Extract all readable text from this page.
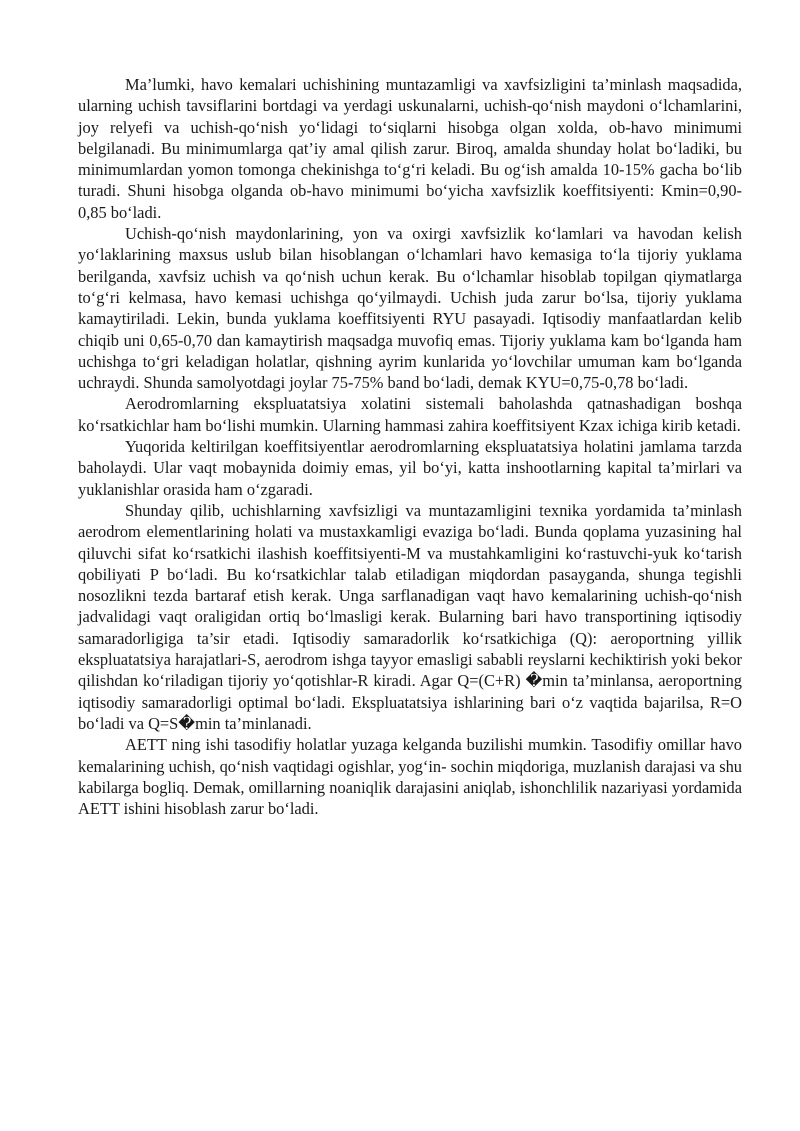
Ma’lumki, havo kemalari uchishining muntazamligi va xavfsizligini ta’minlash maqsadida, ularning uchish tavsiflarini bortdagi va yerdagi uskunalarni, uchish-qo‘nish maydoni o‘lchamlarini, joy relyefi va uchish-qo‘nish yo‘lidagi to‘siqlarni hisobga olgan xolda, ob-havo minimumi belgilanadi. Bu minimumlarga qat’iy amal qilish zarur. Biroq, amalda shunday holat bo‘ladiki, bu minimumlardan yomon tomonga chekinishga to‘g‘ri keladi. Bu og‘ish amalda 10-15% gacha bo‘lib turadi. Shuni hisobga olganda ob-havo minimumi bo‘yicha xavfsizlik koeffitsiyenti: Kmin=0,90-0,85 bo‘ladi.

Uchish-qo‘nish maydonlarining, yon va oxirgi xavfsizlik ko‘lamlari va havodan kelish yo‘laklarining maxsus uslub bilan hisoblangan o‘lchamlari havo kemasiga to‘la tijoriy yuklama berilganda, xavfsiz uchish va qo‘nish uchun kerak. Bu o‘lchamlar hisoblab topilgan qiymatlarga to‘g‘ri kelmasa, havo kemasi uchishga qo‘yilmaydi. Uchish juda zarur bo‘lsa, tijoriy yuklama kamaytiriladi. Lekin, bunda yuklama koeffitsiyenti RYU pasayadi. Iqtisodiy manfaatlardan kelib chiqib uni 0,65-0,70 dan kamaytirish maqsadga muvofiq emas. Tijoriy yuklama kam bo‘lganda ham uchishga to‘gri keladigan holatlar, qishning ayrim kunlarida yo‘lovchilar umuman kam bo‘lganda uchraydi. Shunda samolyotdagi joylar 75-75% band bo‘ladi, demak KYU=0,75-0,78 bo‘ladi.

Aerodromlarning ekspluatatsiya xolatini sistemali baholashda qatnashadigan boshqa ko‘rsatkichlar ham bo‘lishi mumkin. Ularning hammasi zahira koeffitsiyent Kzax ichiga kirib ketadi.

Yuqorida keltirilgan koeffitsiyentlar aerodromlarning ekspluatatsiya holatini jamlama tarzda baholaydi. Ular vaqt mobaynida doimiy emas, yil bo‘yi, katta inshootlarning kapital ta’mirlari va yuklanishlar orasida ham o‘zgaradi.

Shunday qilib, uchishlarning xavfsizligi va muntazamligini texnika yordamida ta’minlash aerodrom elementlarining holati va mustaxkamligi evaziga bo‘ladi. Bunda qoplama yuzasining hal qiluvchi sifat ko‘rsatkichi ilashish koeffitsiyenti-M va mustahkamligini ko‘rastuvchi-yuk ko‘tarish qobiliyati P bo‘ladi. Bu ko‘rsatkichlar talab etiladigan miqdordan pasayganda, shunga tegishli nosozlikni tezda bartaraf etish kerak. Unga sarflanadigan vaqt havo kemalarining uchish-qo‘nish jadvalidagi vaqt oraligidan ortiq bo‘lmasligi kerak. Bularning bari havo transportining iqtisodiy samaradorligiga ta’sir etadi. Iqtisodiy samaradorlik ko‘rsatkichiga (Q): aeroportning yillik ekspluatatsiya harajatlari-S, aerodrom ishga tayyor emasligi sababli reyslarni kechiktirish yoki bekor qilishdan ko‘riladigan tijoriy yo‘qotishlar-R kiradi. Agar Q=(C+R) �min ta’minlansa, aeroportning iqtisodiy samaradorligi optimal bo‘ladi. Ekspluatatsiya ishlarining bari o‘z vaqtida bajarilsa, R=O bo‘ladi va Q=S�min ta’minlanadi.

AETT ning ishi tasodifiy holatlar yuzaga kelganda buzilishi mumkin. Tasodifiy omillar havo kemalarining uchish, qo‘nish vaqtidagi ogishlar, yog‘in- sochin miqdoriga, muzlanish darajasi va shu kabilarga bogliq. Demak, omillarning noaniqlik darajasini aniqlab, ishonchlilik nazariyasi yordamida AETT ishini hisoblash zarur bo‘ladi.
